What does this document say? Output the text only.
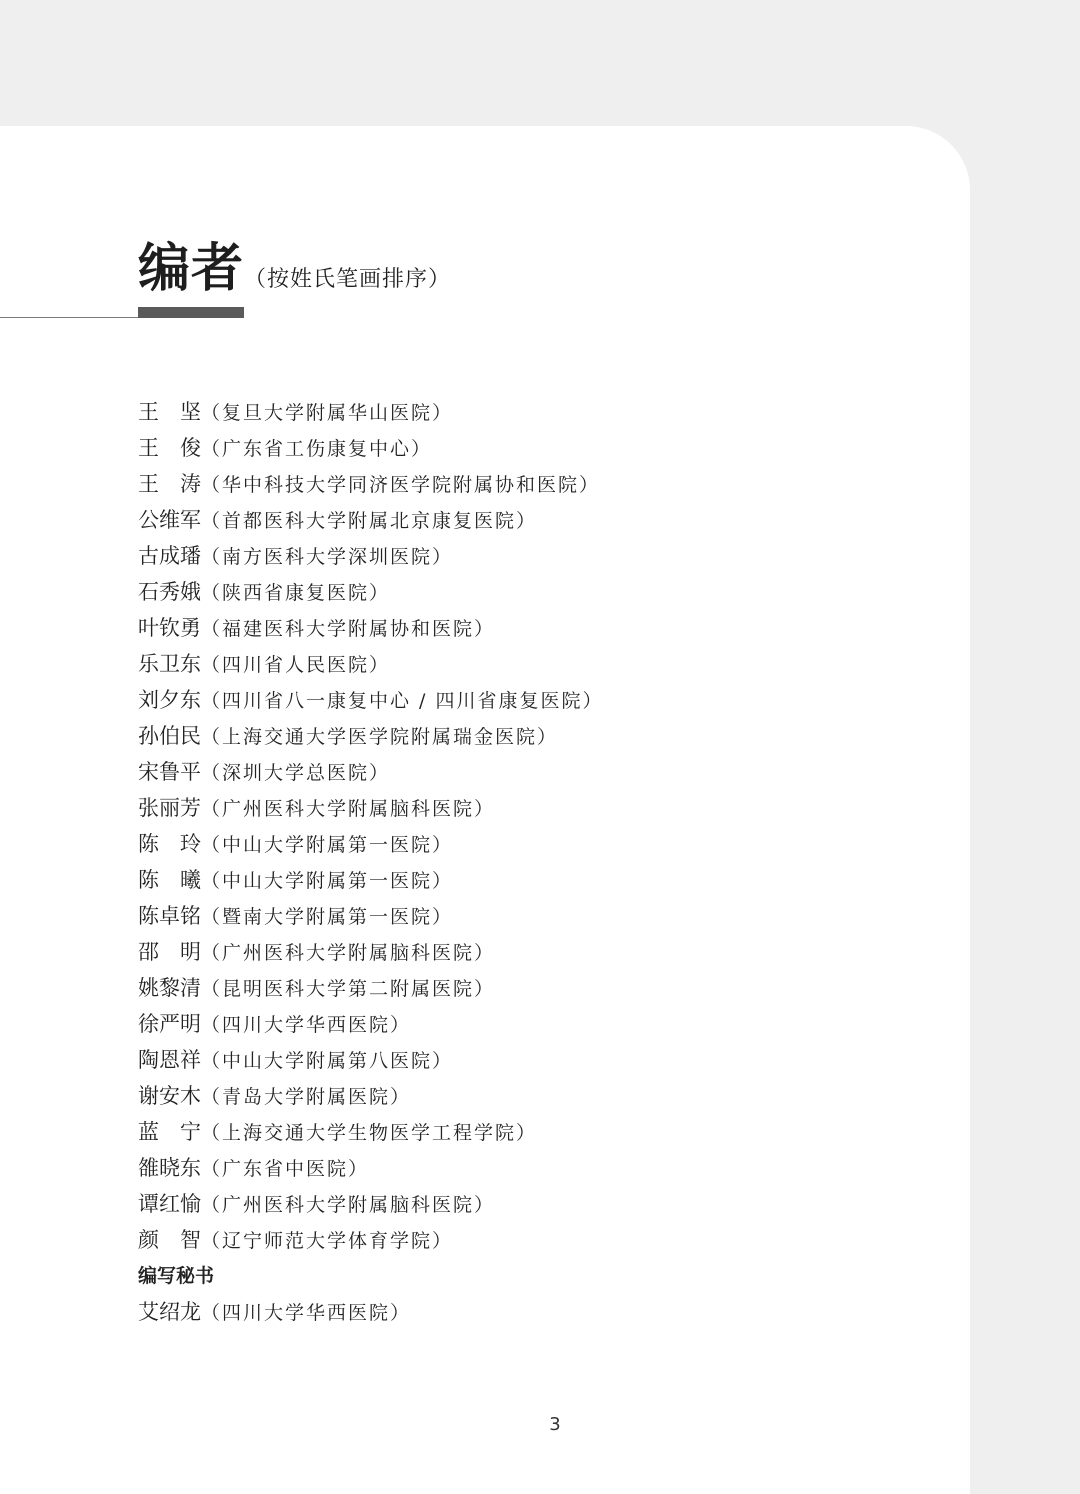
编者（按姓氏笔画排序）
王　坚（复旦大学附属华山医院）
王　俊（广东省工伤康复中心）
王　涛（华中科技大学同济医学院附属协和医院）
公维军（首都医科大学附属北京康复医院）
古成璠（南方医科大学深圳医院）
石秀娥（陕西省康复医院）
叶钦勇（福建医科大学附属协和医院）
乐卫东（四川省人民医院）
刘夕东（四川省八一康复中心 / 四川省康复医院）
孙伯民（上海交通大学医学院附属瑞金医院）
宋鲁平（深圳大学总医院）
张丽芳（广州医科大学附属脑科医院）
陈　玲（中山大学附属第一医院）
陈　曦（中山大学附属第一医院）
陈卓铭（暨南大学附属第一医院）
邵　明（广州医科大学附属脑科医院）
姚黎清（昆明医科大学第二附属医院）
徐严明（四川大学华西医院）
陶恩祥（中山大学附属第八医院）
谢安木（青岛大学附属医院）
蓝　宁（上海交通大学生物医学工程学院）
雒晓东（广东省中医院）
谭红愉（广州医科大学附属脑科医院）
颜　智（辽宁师范大学体育学院）
编写秘书
艾绍龙（四川大学华西医院）
3
